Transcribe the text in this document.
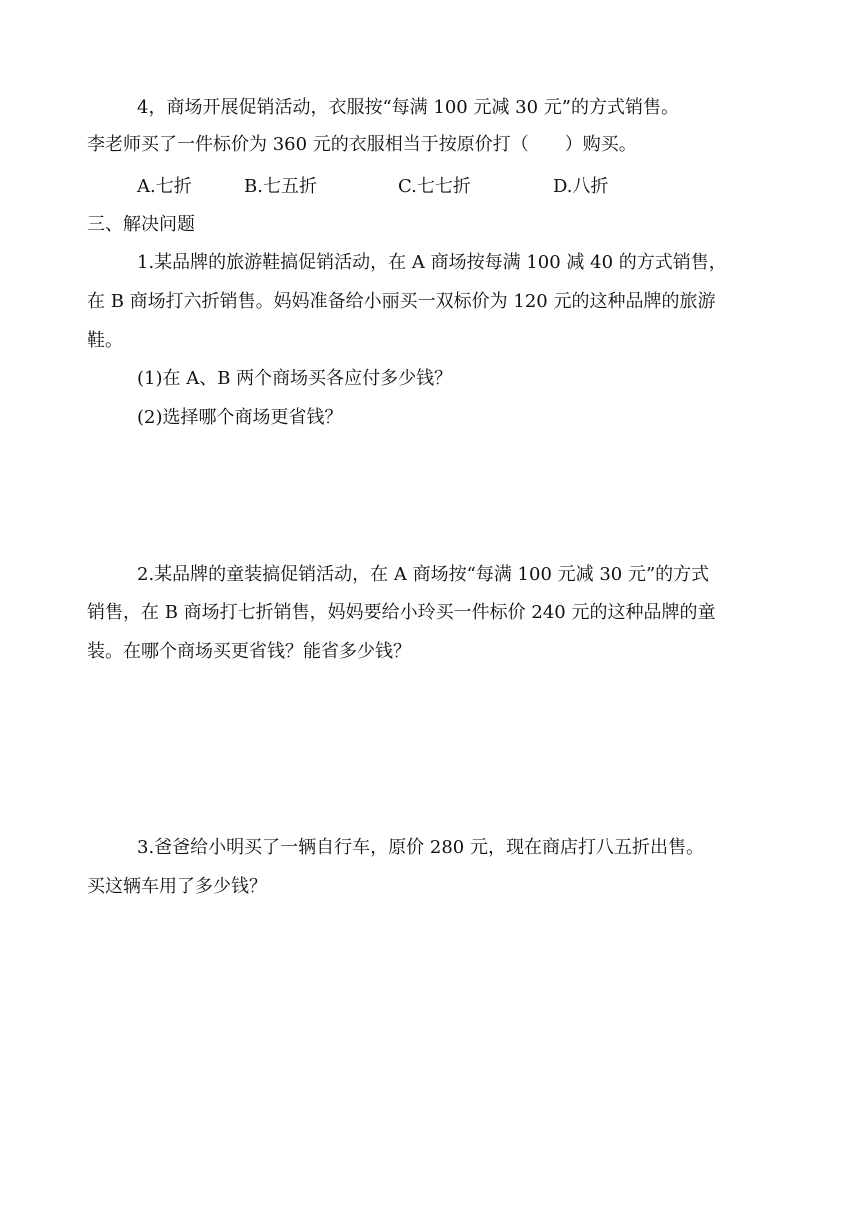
4，商场开展促销活动，衣服按“每满 100 元减 30 元”的方式销售。
李老师买了一件标价为 360 元的衣服相当于按原价打（　　）购买。
A.七折	B.七五折	C.七七折	D.八折
三、解决问题
1.某品牌的旅游鞋搞促销活动，在 A 商场按每满 100 减 40 的方式销售，
在 B 商场打六折销售。妈妈准备给小丽买一双标价为 120 元的这种品牌的旅游
鞋。
(1)在 A、B 两个商场买各应付多少钱？
(2)选择哪个商场更省钱？
2.某品牌的童装搞促销活动，在 A 商场按“每满 100 元减 30 元”的方式
销售，在 B 商场打七折销售，妈妈要给小玲买一件标价 240 元的这种品牌的童
装。在哪个商场买更省钱？能省多少钱？
3.爸爸给小明买了一辆自行车，原价 280 元，现在商店打八五折出售。
买这辆车用了多少钱？
